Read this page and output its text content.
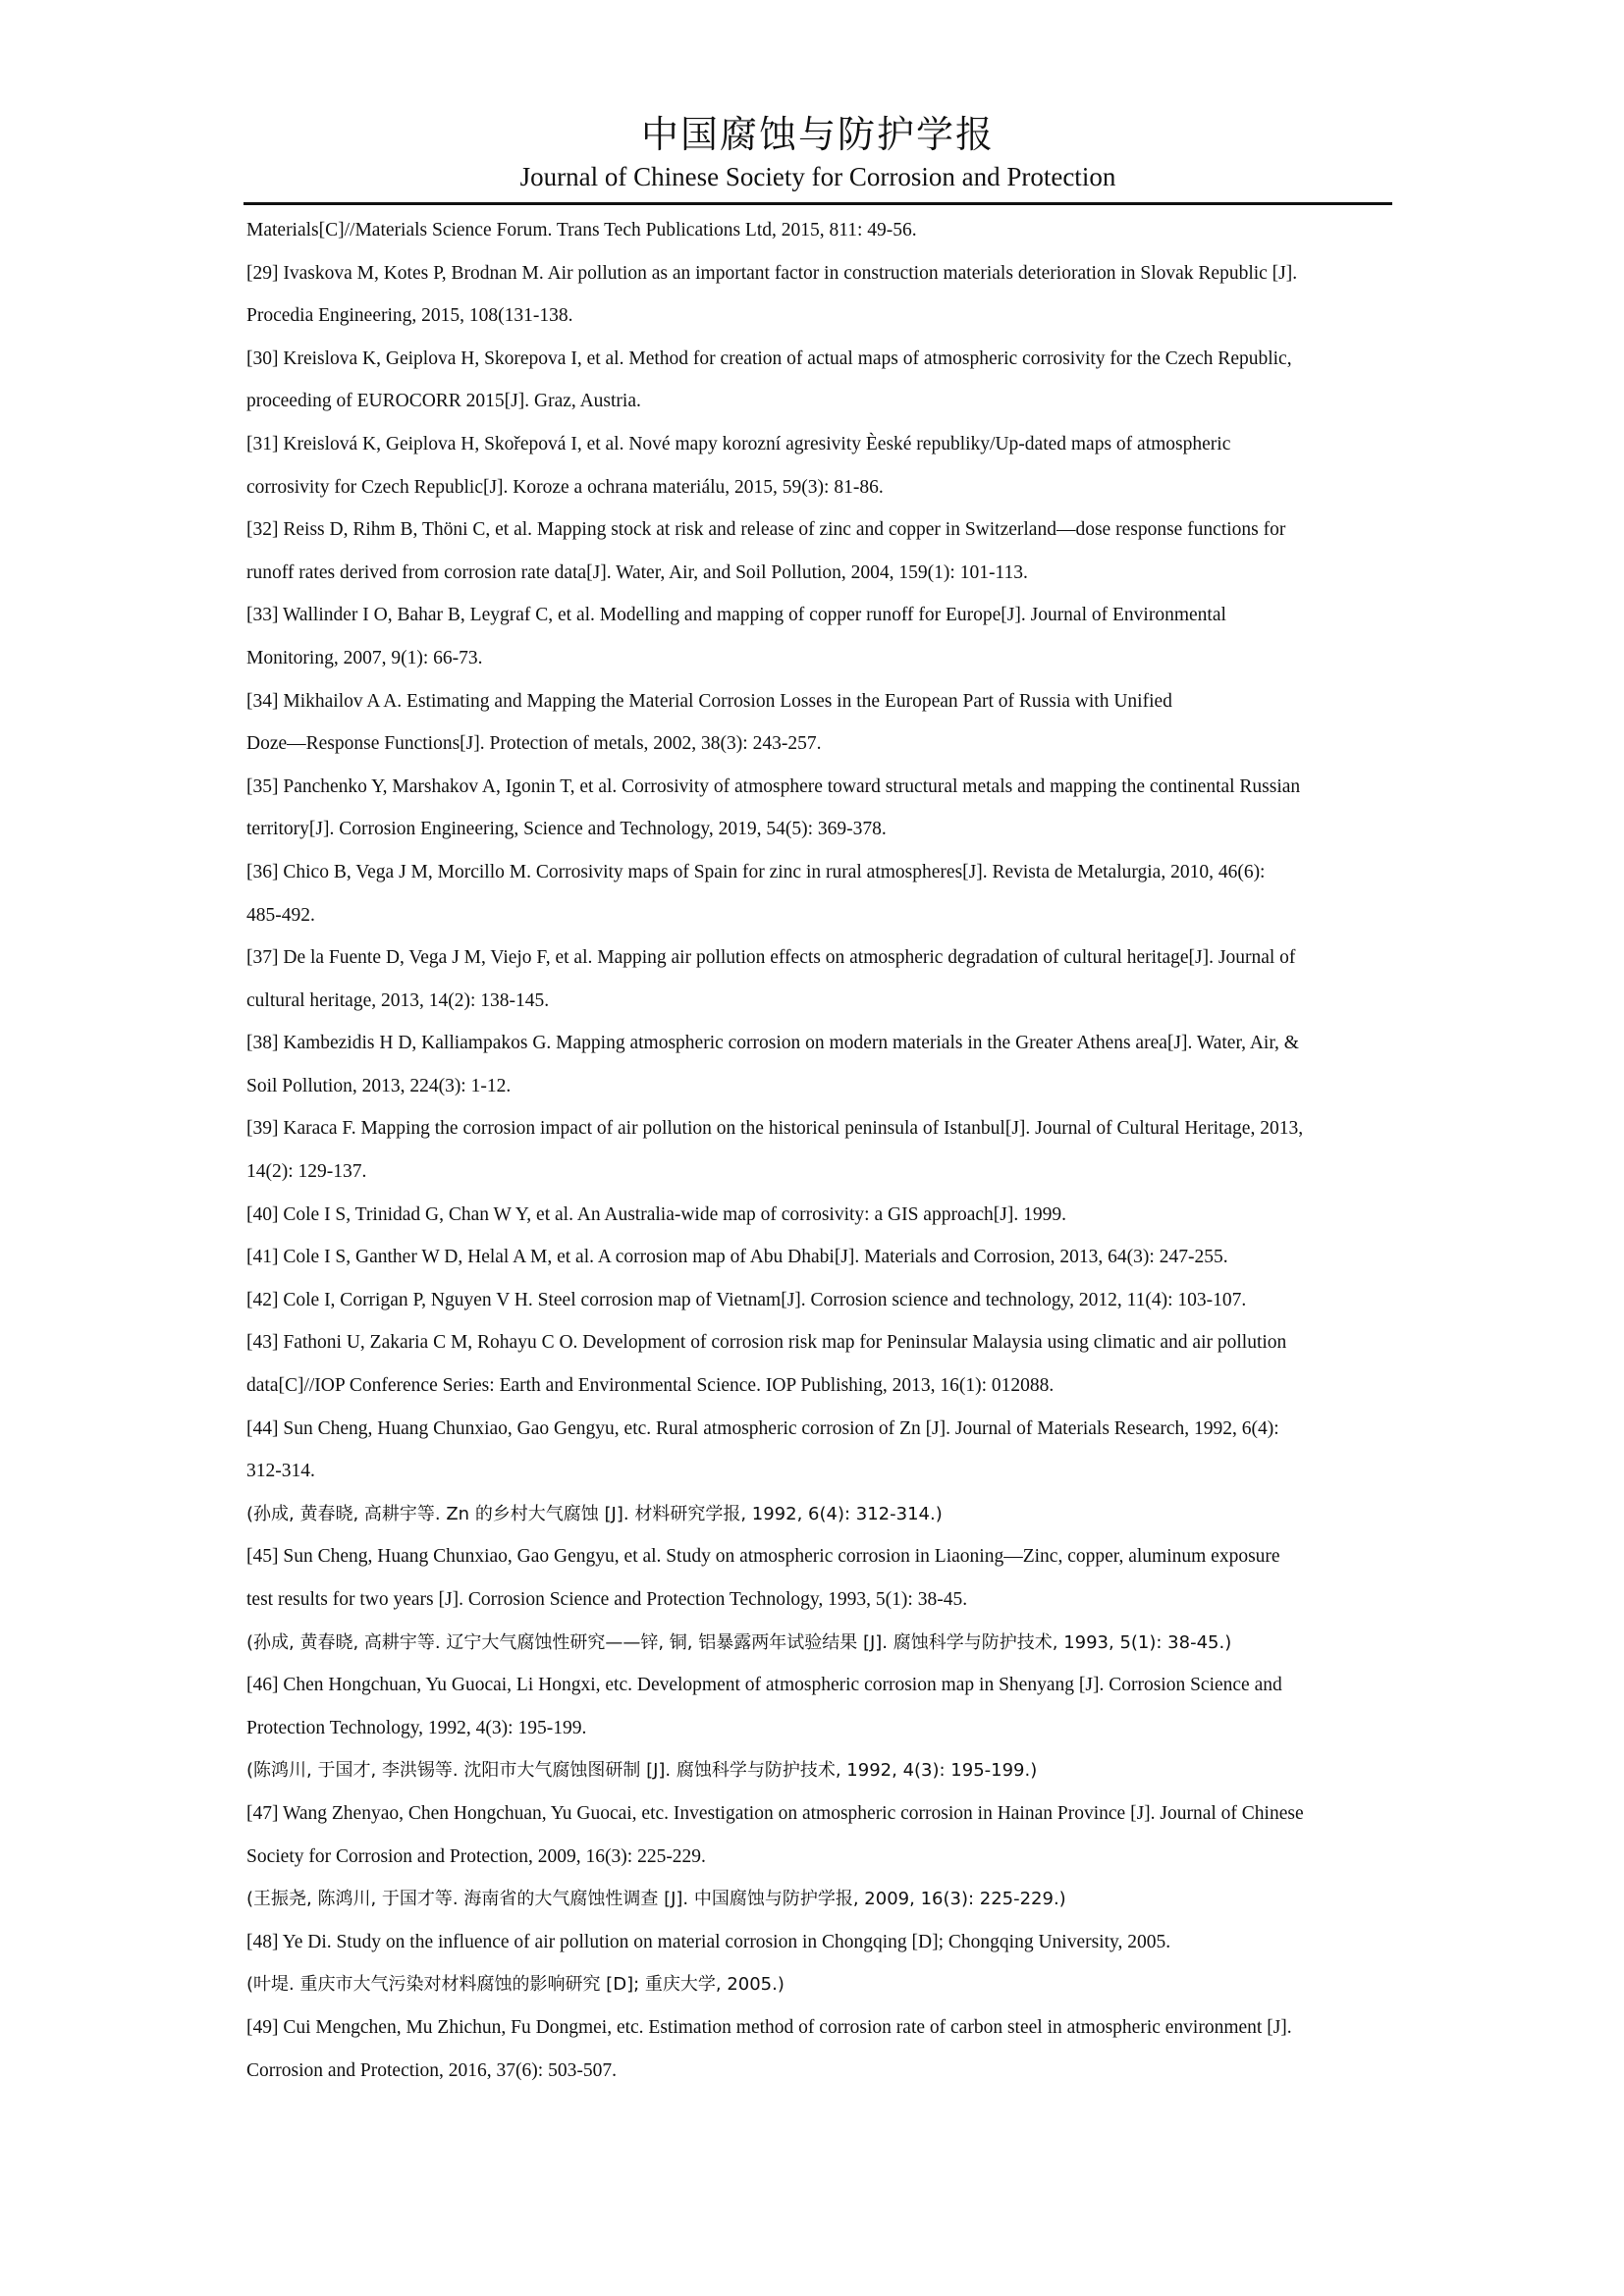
中国腐蚀与防护学报
Journal of Chinese Society for Corrosion and Protection
Materials[C]//Materials Science Forum. Trans Tech Publications Ltd, 2015, 811: 49-56.
[29] Ivaskova M, Kotes P, Brodnan M. Air pollution as an important factor in construction materials deterioration in Slovak Republic [J].
Procedia Engineering, 2015, 108(131-138.
[30] Kreislova K, Geiplova H, Skorepova I, et al. Method for creation of actual maps of atmospheric corrosivity for the Czech Republic,
proceeding of EUROCORR 2015[J]. Graz, Austria.
[31] Kreislová K, Geiplova H, Skořepová I, et al. Nové mapy korozní agresivity Èeské republiky/Up-dated maps of atmospheric
corrosivity for Czech Republic[J]. Koroze a ochrana materiálu, 2015, 59(3): 81-86.
[32] Reiss D, Rihm B, Thöni C, et al. Mapping stock at risk and release of zinc and copper in Switzerland—dose response functions for
runoff rates derived from corrosion rate data[J]. Water, Air, and Soil Pollution, 2004, 159(1): 101-113.
[33] Wallinder I O, Bahar B, Leygraf C, et al. Modelling and mapping of copper runoff for Europe[J]. Journal of Environmental
Monitoring, 2007, 9(1): 66-73.
[34] Mikhailov A A. Estimating and Mapping the Material Corrosion Losses in the European Part of Russia with Unified
Doze—Response Functions[J]. Protection of metals, 2002, 38(3): 243-257.
[35] Panchenko Y, Marshakov A, Igonin T, et al. Corrosivity of atmosphere toward structural metals and mapping the continental Russian
territory[J]. Corrosion Engineering, Science and Technology, 2019, 54(5): 369-378.
[36] Chico B, Vega J M, Morcillo M. Corrosivity maps of Spain for zinc in rural atmospheres[J]. Revista de Metalurgia, 2010, 46(6):
485-492.
[37] De la Fuente D, Vega J M, Viejo F, et al. Mapping air pollution effects on atmospheric degradation of cultural heritage[J]. Journal of
cultural heritage, 2013, 14(2): 138-145.
[38] Kambezidis H D, Kalliampakos G. Mapping atmospheric corrosion on modern materials in the Greater Athens area[J]. Water, Air, &
Soil Pollution, 2013, 224(3): 1-12.
[39] Karaca F. Mapping the corrosion impact of air pollution on the historical peninsula of Istanbul[J]. Journal of Cultural Heritage, 2013,
14(2): 129-137.
[40] Cole I S, Trinidad G, Chan W Y, et al. An Australia-wide map of corrosivity: a GIS approach[J]. 1999.
[41] Cole I S, Ganther W D, Helal A M, et al. A corrosion map of Abu Dhabi[J]. Materials and Corrosion, 2013, 64(3): 247-255.
[42] Cole I, Corrigan P, Nguyen V H. Steel corrosion map of Vietnam[J]. Corrosion science and technology, 2012, 11(4): 103-107.
[43] Fathoni U, Zakaria C M, Rohayu C O. Development of corrosion risk map for Peninsular Malaysia using climatic and air pollution
data[C]//IOP Conference Series: Earth and Environmental Science. IOP Publishing, 2013, 16(1): 012088.
[44] Sun Cheng, Huang Chunxiao, Gao Gengyu, etc. Rural atmospheric corrosion of Zn [J]. Journal of Materials Research, 1992, 6(4):
312-314.
(孙成, 黄春晓, 高耕宇等. Zn 的乡村大气腐蚀 [J]. 材料研究学报, 1992, 6(4): 312-314.)
[45] Sun Cheng, Huang Chunxiao, Gao Gengyu, et al. Study on atmospheric corrosion in Liaoning—Zinc, copper, aluminum exposure
test results for two years [J]. Corrosion Science and Protection Technology, 1993, 5(1): 38-45.
(孙成, 黄春晓, 高耕宇等. 辽宁大气腐蚀性研究——锌, 铜, 铝暴露两年试验结果 [J]. 腐蚀科学与防护技术, 1993, 5(1): 38-45.)
[46] Chen Hongchuan, Yu Guocai, Li Hongxi, etc. Development of atmospheric corrosion map in Shenyang [J]. Corrosion Science and
Protection Technology, 1992, 4(3): 195-199.
(陈鸿川, 于国才, 李洪锡等. 沈阳市大气腐蚀图研制 [J]. 腐蚀科学与防护技术, 1992, 4(3): 195-199.)
[47] Wang Zhenyao, Chen Hongchuan, Yu Guocai, etc. Investigation on atmospheric corrosion in Hainan Province [J]. Journal of Chinese
Society for Corrosion and Protection, 2009, 16(3): 225-229.
(王振尧, 陈鸿川, 于国才等. 海南省的大气腐蚀性调查 [J]. 中国腐蚀与防护学报, 2009, 16(3): 225-229.)
[48] Ye Di. Study on the influence of air pollution on material corrosion in Chongqing [D]; Chongqing University, 2005.
(叶堤. 重庆市大气污染对材料腐蚀的影响研究 [D]; 重庆大学, 2005.)
[49] Cui Mengchen, Mu Zhichun, Fu Dongmei, etc. Estimation method of corrosion rate of carbon steel in atmospheric environment [J].
Corrosion and Protection, 2016, 37(6): 503-507.
